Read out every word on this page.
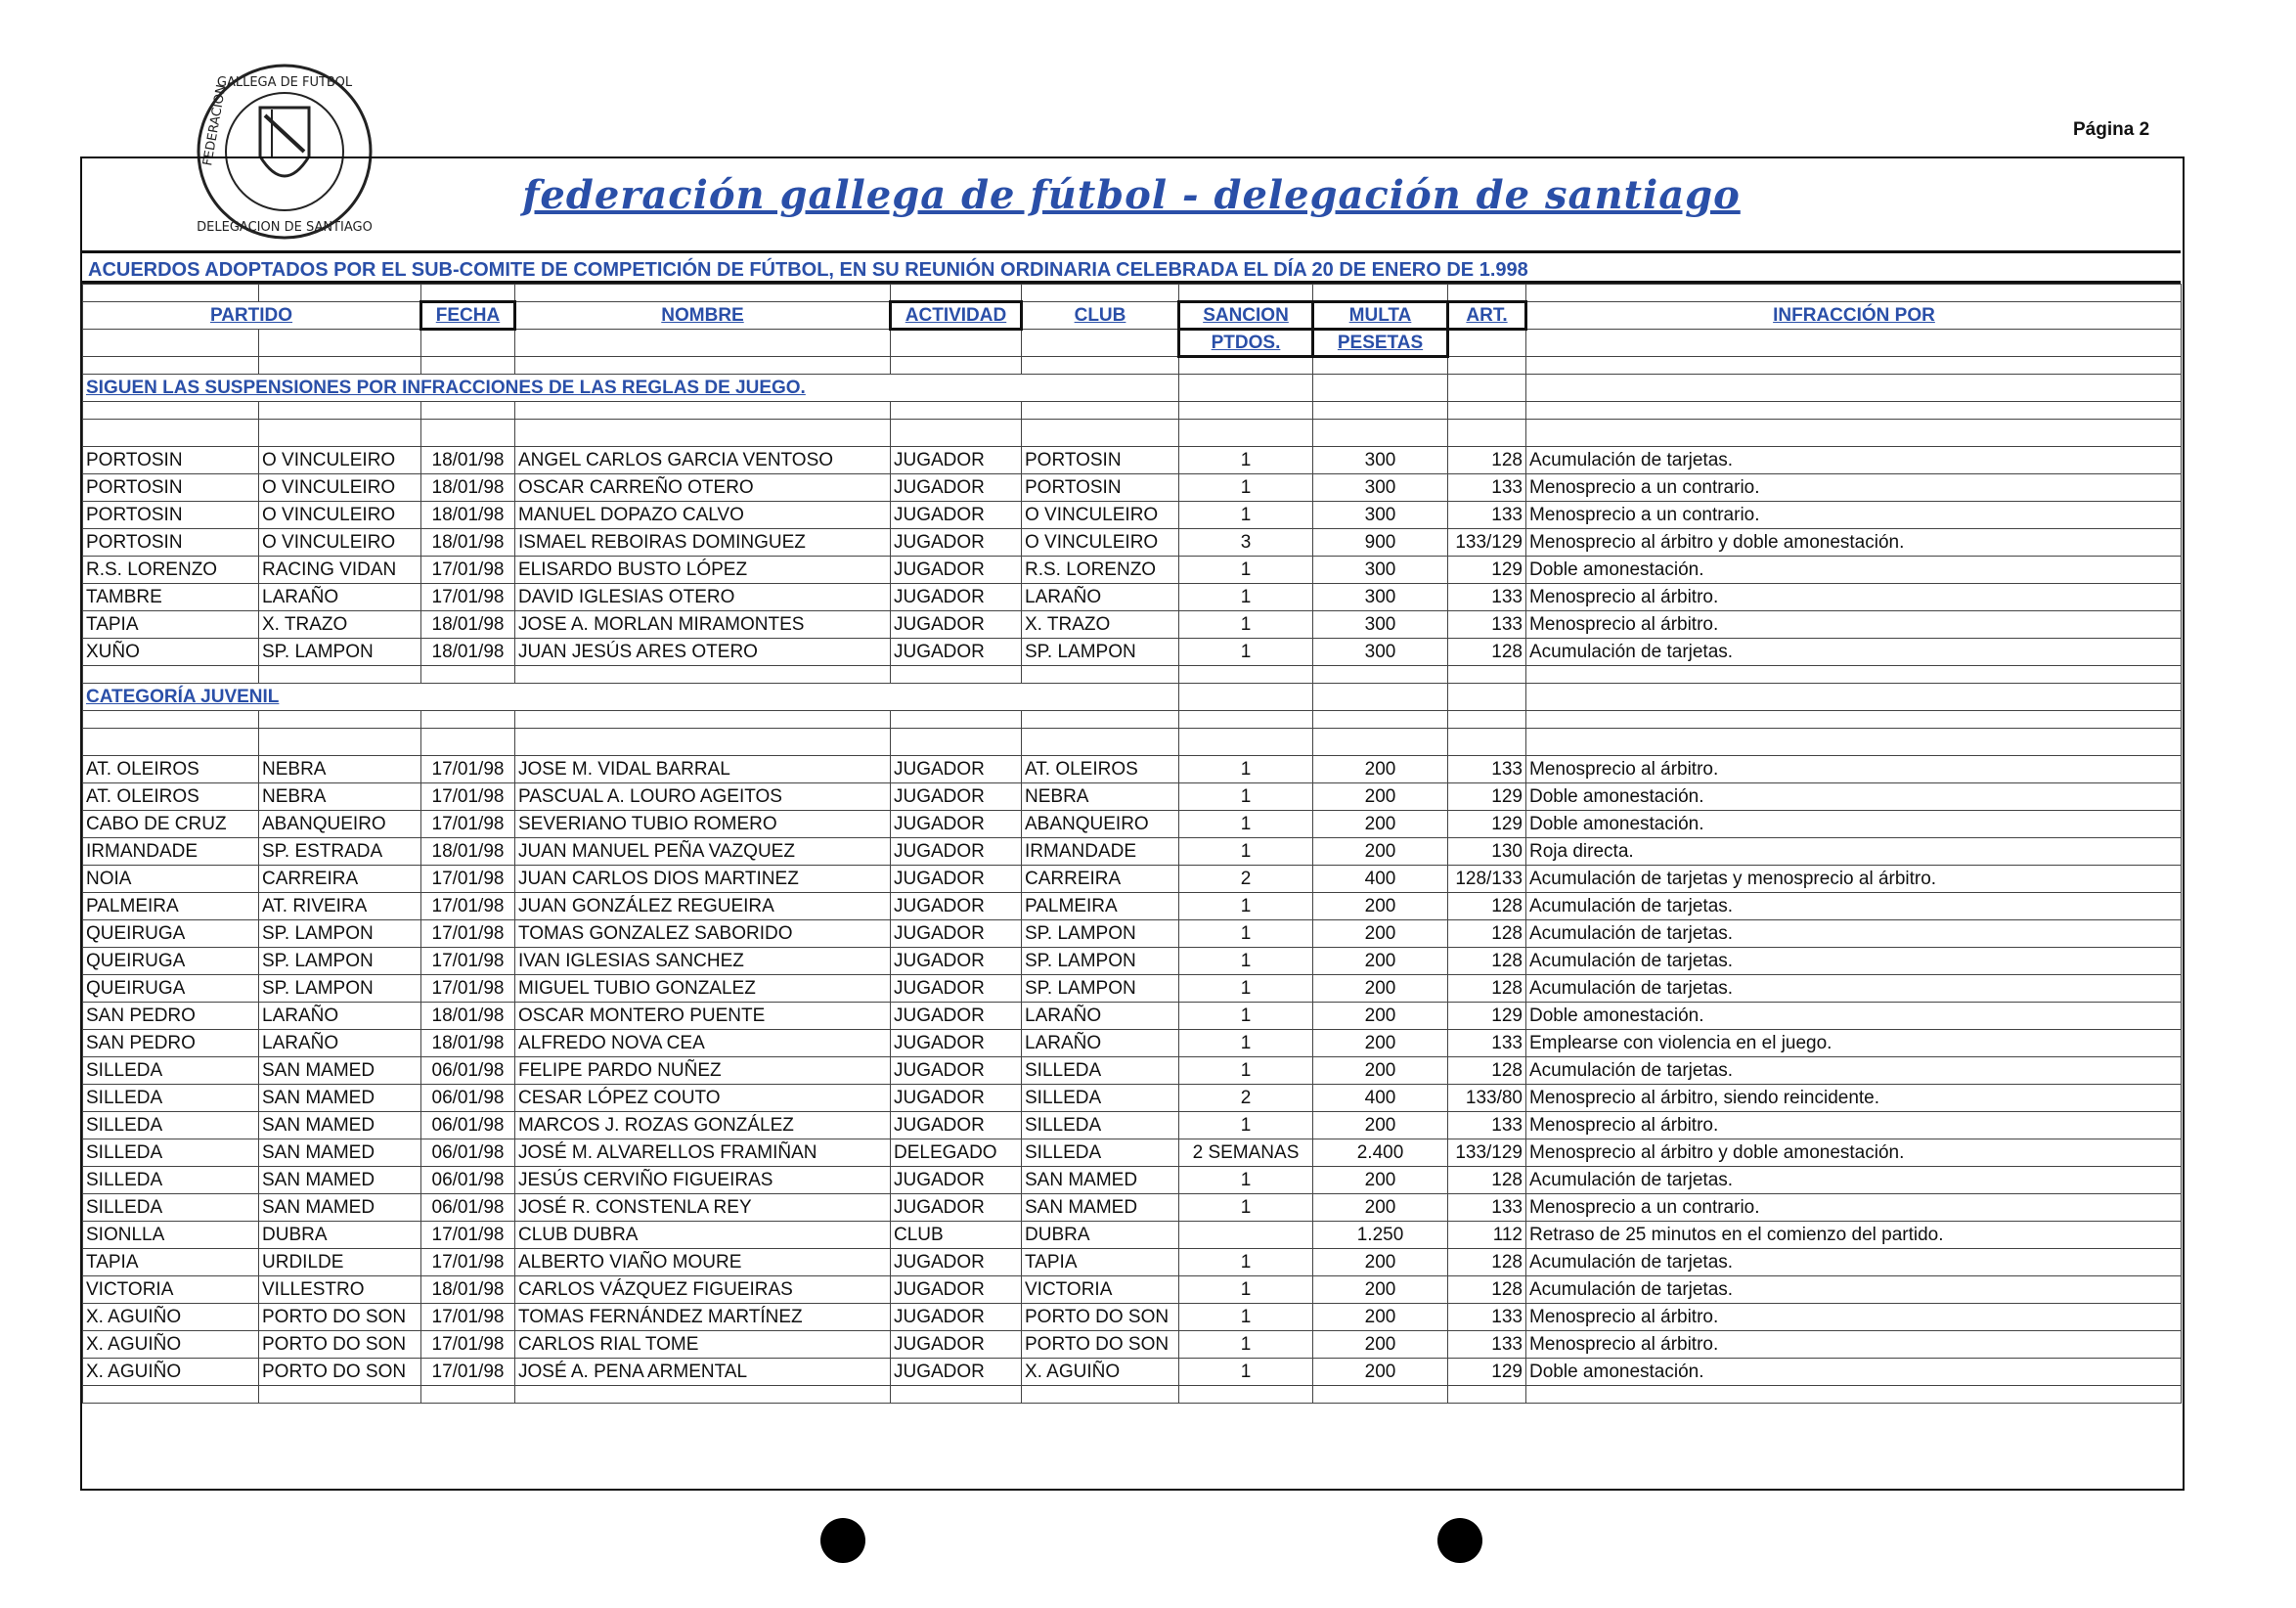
GALLEGA DE FUTBOL
DELEGACION DE SANTIAGO
FEDERACION	Página 2
federación gallega de fútbol - delegación de santiago
ACUERDOS ADOPTADOS POR EL SUB-COMITE DE COMPETICIÓN DE FÚTBOL, EN SU REUNIÓN ORDINARIA CELEBRADA EL DÍA 20 DE ENERO DE 1.998

PARTIDO		FECHA	NOMBRE	ACTIVIDAD	CLUB	SANCION	MULTA	ART.	INFRACCIÓN POR
						PTDOS.	PESETAS		

SIGUEN LAS SUSPENSIONES POR INFRACCIONES DE LAS REGLAS DE JUEGO.									

PORTOSIN	O VINCULEIRO	18/01/98	ANGEL CARLOS GARCIA VENTOSO	JUGADOR	PORTOSIN	1	300	128	Acumulación de tarjetas.
PORTOSIN	O VINCULEIRO	18/01/98	OSCAR CARREÑO OTERO	JUGADOR	PORTOSIN	1	300	133	Menosprecio a un contrario.
PORTOSIN	O VINCULEIRO	18/01/98	MANUEL DOPAZO CALVO	JUGADOR	O VINCULEIRO	1	300	133	Menosprecio a un contrario.
PORTOSIN	O VINCULEIRO	18/01/98	ISMAEL REBOIRAS DOMINGUEZ	JUGADOR	O VINCULEIRO	3	900	133/129	Menosprecio al árbitro y doble amonestación.
R.S. LORENZO	RACING VIDAN	17/01/98	ELISARDO BUSTO LÓPEZ	JUGADOR	R.S. LORENZO	1	300	129	Doble amonestación.
TAMBRE	LARAÑO	17/01/98	DAVID IGLESIAS OTERO	JUGADOR	LARAÑO	1	300	133	Menosprecio al árbitro.
TAPIA	X. TRAZO	18/01/98	JOSE A. MORLAN MIRAMONTES	JUGADOR	X. TRAZO	1	300	133	Menosprecio al árbitro.
XUÑO	SP. LAMPON	18/01/98	JUAN JESÚS ARES OTERO	JUGADOR	SP. LAMPON	1	300	128	Acumulación de tarjetas.

CATEGORÍA JUVENIL									

AT. OLEIROS	NEBRA	17/01/98	JOSE M. VIDAL BARRAL	JUGADOR	AT. OLEIROS	1	200	133	Menosprecio al árbitro.
AT. OLEIROS	NEBRA	17/01/98	PASCUAL A. LOURO AGEITOS	JUGADOR	NEBRA	1	200	129	Doble amonestación.
CABO DE CRUZ	ABANQUEIRO	17/01/98	SEVERIANO TUBIO ROMERO	JUGADOR	ABANQUEIRO	1	200	129	Doble amonestación.
IRMANDADE	SP. ESTRADA	18/01/98	JUAN MANUEL PEÑA VAZQUEZ	JUGADOR	IRMANDADE	1	200	130	Roja directa.
NOIA	CARREIRA	17/01/98	JUAN CARLOS DIOS MARTINEZ	JUGADOR	CARREIRA	2	400	128/133	Acumulación de tarjetas y menosprecio al árbitro.
PALMEIRA	AT. RIVEIRA	17/01/98	JUAN GONZÁLEZ REGUEIRA	JUGADOR	PALMEIRA	1	200	128	Acumulación de tarjetas.
QUEIRUGA	SP. LAMPON	17/01/98	TOMAS GONZALEZ SABORIDO	JUGADOR	SP. LAMPON	1	200	128	Acumulación de tarjetas.
QUEIRUGA	SP. LAMPON	17/01/98	IVAN IGLESIAS SANCHEZ	JUGADOR	SP. LAMPON	1	200	128	Acumulación de tarjetas.
QUEIRUGA	SP. LAMPON	17/01/98	MIGUEL TUBIO GONZALEZ	JUGADOR	SP. LAMPON	1	200	128	Acumulación de tarjetas.
SAN PEDRO	LARAÑO	18/01/98	OSCAR MONTERO PUENTE	JUGADOR	LARAÑO	1	200	129	Doble amonestación.
SAN PEDRO	LARAÑO	18/01/98	ALFREDO NOVA CEA	JUGADOR	LARAÑO	1	200	133	Emplearse con violencia en el juego.
SILLEDA	SAN MAMED	06/01/98	FELIPE PARDO NUÑEZ	JUGADOR	SILLEDA	1	200	128	Acumulación de tarjetas.
SILLEDA	SAN MAMED	06/01/98	CESAR LÓPEZ COUTO	JUGADOR	SILLEDA	2	400	133/80	Menosprecio al árbitro, siendo reincidente.
SILLEDA	SAN MAMED	06/01/98	MARCOS J. ROZAS GONZÁLEZ	JUGADOR	SILLEDA	1	200	133	Menosprecio al árbitro.
SILLEDA	SAN MAMED	06/01/98	JOSÉ M. ALVARELLOS FRAMIÑAN	DELEGADO	SILLEDA	2 SEMANAS	2.400	133/129	Menosprecio al árbitro y doble amonestación.
SILLEDA	SAN MAMED	06/01/98	JESÚS CERVIÑO FIGUEIRAS	JUGADOR	SAN MAMED	1	200	128	Acumulación de tarjetas.
SILLEDA	SAN MAMED	06/01/98	JOSÉ R. CONSTENLA REY	JUGADOR	SAN MAMED	1	200	133	Menosprecio a un contrario.
SIONLLA	DUBRA	17/01/98	CLUB DUBRA	CLUB	DUBRA		1.250	112	Retraso de 25 minutos en el comienzo del partido.
TAPIA	URDILDE	17/01/98	ALBERTO VIAÑO MOURE	JUGADOR	TAPIA	1	200	128	Acumulación de tarjetas.
VICTORIA	VILLESTRO	18/01/98	CARLOS VÁZQUEZ FIGUEIRAS	JUGADOR	VICTORIA	1	200	128	Acumulación de tarjetas.
X. AGUIÑO	PORTO DO SON	17/01/98	TOMAS FERNÁNDEZ MARTÍNEZ	JUGADOR	PORTO DO SON	1	200	133	Menosprecio al árbitro.
X. AGUIÑO	PORTO DO SON	17/01/98	CARLOS RIAL TOME	JUGADOR	PORTO DO SON	1	200	133	Menosprecio al árbitro.
X. AGUIÑO	PORTO DO SON	17/01/98	JOSÉ A. PENA ARMENTAL	JUGADOR	X. AGUIÑO	1	200	129	Doble amonestación.
